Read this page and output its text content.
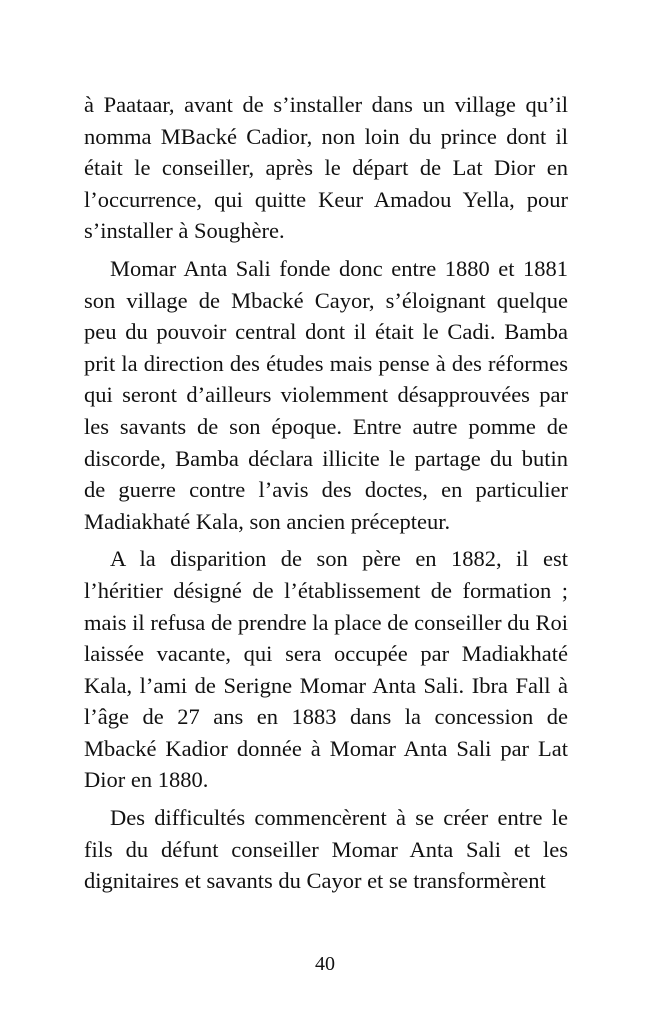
à Paataar, avant de s’installer dans un village qu’il nomma MBacké Cadior, non loin du prince dont il était le conseiller, après le départ de Lat Dior en l’occurrence, qui quitte Keur Amadou Yella, pour s’installer à Soughère.

Momar Anta Sali fonde donc entre 1880 et 1881 son village de Mbacké Cayor, s’éloignant quelque peu du pouvoir central dont il était le Cadi. Bamba prit la direction des études mais pense à des réformes qui seront d’ailleurs violemment désapprouvées par les savants de son époque. Entre autre pomme de discorde, Bamba déclara illicite le partage du butin de guerre contre l’avis des doctes, en particulier Madiakhaté Kala, son ancien précepteur.

A la disparition de son père en 1882, il est l’héritier désigné de l’établissement de formation ; mais il refusa de prendre la place de conseiller du Roi laissée vacante, qui sera occupée par Madiakhaté Kala, l’ami de Serigne Momar Anta Sali. Ibra Fall à l’âge de 27 ans en 1883 dans la concession de Mbacké Kadior donnée à Momar Anta Sali par Lat Dior en 1880.

Des difficultés commencèrent à se créer entre le fils du défunt conseiller Momar Anta Sali et les dignitaires et savants du Cayor et se transformèrent

40
